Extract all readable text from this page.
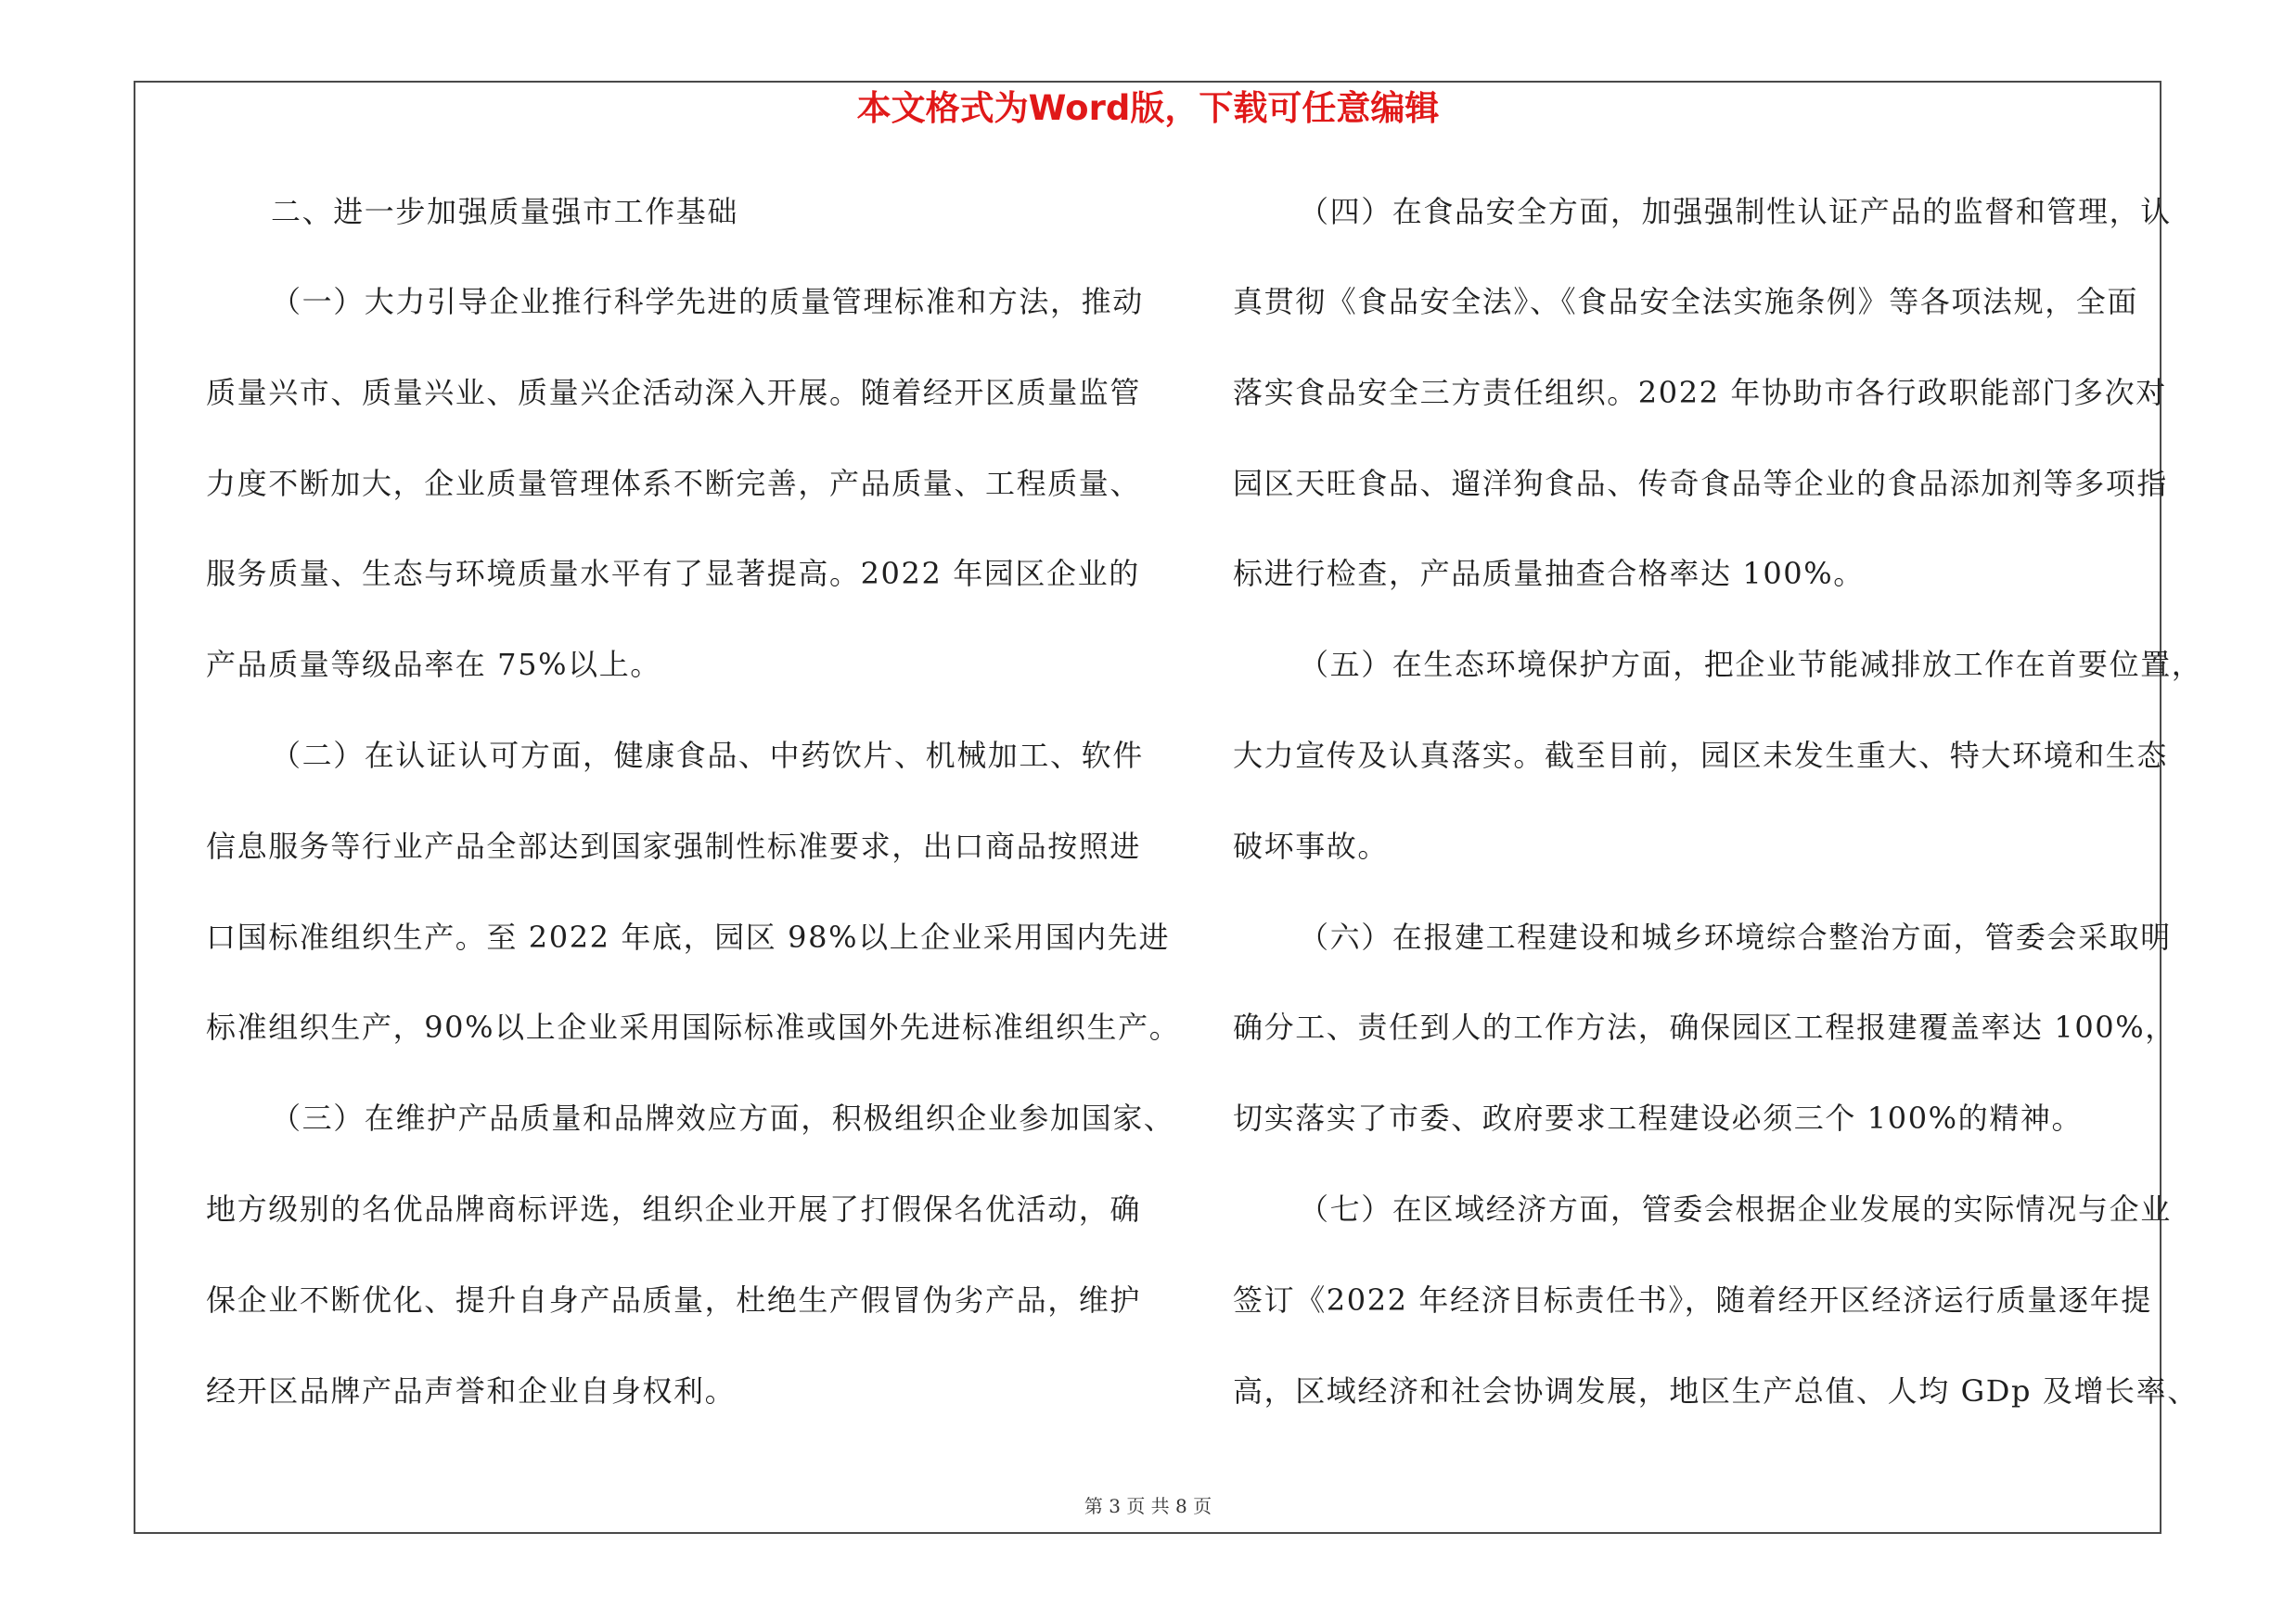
本文格式为Word版，下载可任意编辑
二、进一步加强质量强市工作基础
（一）大力引导企业推行科学先进的质量管理标准和方法，推动
质量兴市、质量兴业、质量兴企活动深入开展。随着经开区质量监管
力度不断加大，企业质量管理体系不断完善，产品质量、工程质量、
服务质量、生态与环境质量水平有了显著提高。2022 年园区企业的
产品质量等级品率在 75%以上。
（二）在认证认可方面，健康食品、中药饮片、机械加工、软件
信息服务等行业产品全部达到国家强制性标准要求，出口商品按照进
口国标准组织生产。至 2022 年底，园区 98%以上企业采用国内先进
标准组织生产，90%以上企业采用国际标准或国外先进标准组织生产。
（三）在维护产品质量和品牌效应方面，积极组织企业参加国家、
地方级别的名优品牌商标评选，组织企业开展了打假保名优活动，确
保企业不断优化、提升自身产品质量，杜绝生产假冒伪劣产品，维护
经开区品牌产品声誉和企业自身权利。
（四）在食品安全方面，加强强制性认证产品的监督和管理，认
真贯彻《食品安全法》、《食品安全法实施条例》等各项法规，全面
落实食品安全三方责任组织。2022 年协助市各行政职能部门多次对
园区天旺食品、遛洋狗食品、传奇食品等企业的食品添加剂等多项指
标进行检查，产品质量抽查合格率达 100%。
（五）在生态环境保护方面，把企业节能减排放工作在首要位置，
大力宣传及认真落实。截至目前，园区未发生重大、特大环境和生态
破坏事故。
（六）在报建工程建设和城乡环境综合整治方面，管委会采取明
确分工、责任到人的工作方法，确保园区工程报建覆盖率达 100%，
切实落实了市委、政府要求工程建设必须三个 100%的精神。
（七）在区域经济方面，管委会根据企业发展的实际情况与企业
签订《2022 年经济目标责任书》，随着经开区经济运行质量逐年提
高，区域经济和社会协调发展，地区生产总值、人均 GDp 及增长率、
第 3 页 共 8 页
